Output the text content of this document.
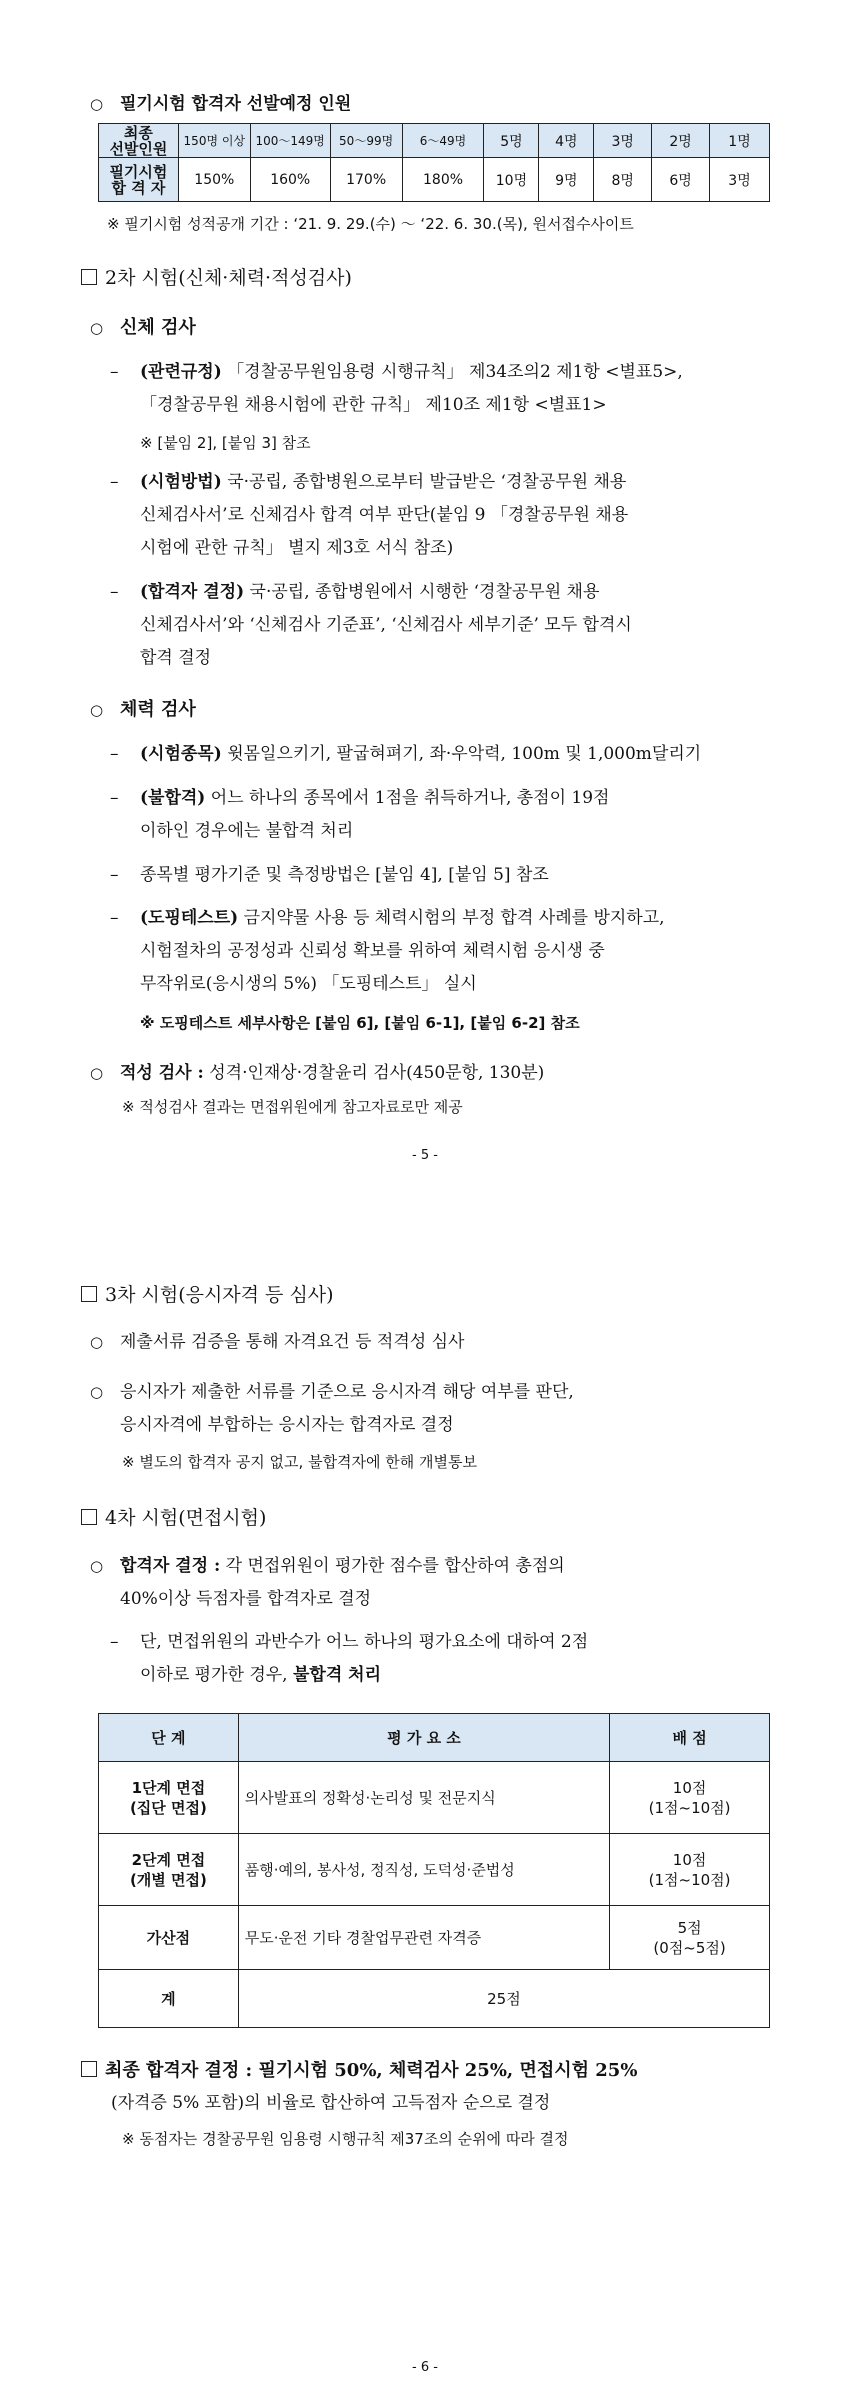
○ 필기시험 합격자 선발예정 인원
최종
선발인원	150명 이상	100～149명	50～99명	6～49명	5명	4명	3명	2명	1명
필기시험
합 격 자	150%	160%	170%	180%	10명	9명	8명	6명	3명
※ 필기시험 성적공개 기간 : ‘21. 9. 29.(수) ～ ‘22. 6. 30.(목), 원서접수사이트
2차 시험(신체·체력·적성검사)
○ 신체 검사
–	(관련규정) 「경찰공무원임용령 시행규칙」 제34조의2 제1항 <별표5>,
「경찰공무원 채용시험에 관한 규칙」 제10조 제1항 <별표1>
※ [붙임 2], [붙임 3] 참조
–	(시험방법) 국·공립, 종합병원으로부터 발급받은 ‘경찰공무원 채용
신체검사서’로 신체검사 합격 여부 판단(붙임 9 「경찰공무원 채용
시험에 관한 규칙」 별지 제3호 서식 참조)
–	(합격자 결정) 국·공립, 종합병원에서 시행한 ‘경찰공무원 채용
신체검사서’와 ‘신체검사 기준표’, ‘신체검사 세부기준’ 모두 합격시
합격 결정
○ 체력 검사
–	(시험종목) 윗몸일으키기, 팔굽혀펴기, 좌·우악력, 100m 및 1,000m달리기
–	(불합격) 어느 하나의 종목에서 1점을 취득하거나, 총점이 19점
이하인 경우에는 불합격 처리
–	종목별 평가기준 및 측정방법은 [붙임 4], [붙임 5] 참조
–	(도핑테스트) 금지약물 사용 등 체력시험의 부정 합격 사례를 방지하고,
시험절차의 공정성과 신뢰성 확보를 위하여 체력시험 응시생 중
무작위로(응시생의 5%) 「도핑테스트」 실시
※ 도핑테스트 세부사항은 [붙임 6], [붙임 6-1], [붙임 6-2] 참조
○ 적성 검사 : 성격·인재상·경찰윤리 검사(450문항, 130분)
※ 적성검사 결과는 면접위원에게 참고자료로만 제공
- 5 -
3차 시험(응시자격 등 심사)
○ 제출서류 검증을 통해 자격요건 등 적격성 심사
○ 응시자가 제출한 서류를 기준으로 응시자격 해당 여부를 판단,
응시자격에 부합하는 응시자는 합격자로 결정
※ 별도의 합격자 공지 없고, 불합격자에 한해 개별통보
4차 시험(면접시험)
○ 합격자 결정 : 각 면접위원이 평가한 점수를 합산하여 총점의
40%이상 득점자를 합격자로 결정
–	단, 면접위원의 과반수가 어느 하나의 평가요소에 대하여 2점
이하로 평가한 경우, 불합격 처리
단 계	평 가 요 소	배 점
1단계 면접
(집단 면접)	의사발표의 정확성·논리성 및 전문지식	10점
(1점~10점)
2단계 면접
(개별 면접)	품행·예의, 봉사성, 정직성, 도덕성·준법성	10점
(1점~10점)
가산점	무도·운전 기타 경찰업무관련 자격증	5점
(0점~5점)
계	25점	
최종 합격자 결정 : 필기시험 50%, 체력검사 25%, 면접시험 25%
(자격증 5% 포함)의 비율로 합산하여 고득점자 순으로 결정
※ 동점자는 경찰공무원 임용령 시행규칙 제37조의 순위에 따라 결정
- 6 -
